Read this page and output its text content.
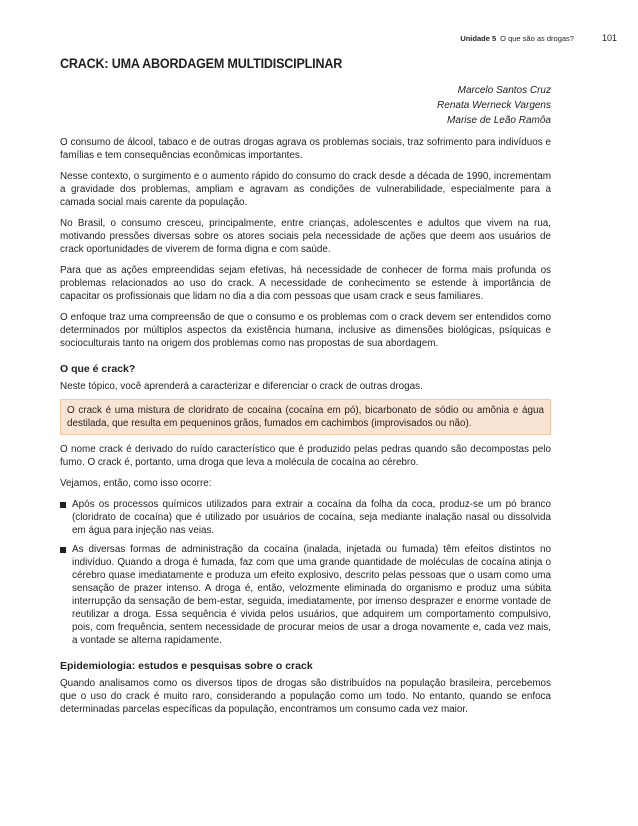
Unidade 5 O que são as drogas?	101
CRACK: UMA ABORDAGEM MULTIDISCIPLINAR
Marcelo Santos Cruz
Renata Werneck Vargens
Marise de Leão Ramôa

O consumo de álcool, tabaco e de outras drogas agrava os problemas sociais, traz sofrimento para indivíduos e famílias e tem consequências econômicas importantes.

Nesse contexto, o surgimento e o aumento rápido do consumo do crack desde a década de 1990, incrementam a gravidade dos problemas, ampliam e agravam as condições de vulnerabilidade, especialmente para a camada social mais carente da população.

No Brasil, o consumo cresceu, principalmente, entre crianças, adolescentes e adultos que vivem na rua, motivando pressões diversas sobre os atores sociais pela necessidade de ações que deem aos usuários de crack oportunidades de viverem de forma digna e com saúde.

Para que as ações empreendidas sejam efetivas, há necessidade de conhecer de forma mais profunda os problemas relacionados ao uso do crack. A necessidade de conhecimento se estende à importância de capacitar os profissionais que lidam no dia a dia com pessoas que usam crack e seus familiares.

O enfoque traz uma compreensão de que o consumo e os problemas com o crack devem ser entendidos como determinados por múltiplos aspectos da existência humana, inclusive as dimensões biológicas, psíquicas e socioculturais tanto na origem dos problemas como nas propostas de sua abordagem.

O que é crack?

Neste tópico, você aprenderá a caracterizar e diferenciar o crack de outras drogas.

O crack é uma mistura de cloridrato de cocaína (cocaína em pó), bicarbonato de sódio ou amônia e água destilada, que resulta em pequeninos grãos, fumados em cachimbos (improvisados ou não).

O nome crack é derivado do ruído característico que é produzido pelas pedras quando são decompostas pelo fumo. O crack é, portanto, uma droga que leva a molécula de cocaína ao cérebro.

Vejamos, então, como isso ocorre:

Após os processos químicos utilizados para extrair a cocaína da folha da coca, produz-se um pó branco (cloridrato de cocaína) que é utilizado por usuários de cocaína, seja mediante inalação nasal ou dissolvida em água para injeção nas veias.
As diversas formas de administração da cocaína (inalada, injetada ou fumada) têm efeitos distintos no indivíduo. Quando a droga é fumada, faz com que uma grande quantidade de moléculas de cocaína atinja o cérebro quase imediatamente e produza um efeito explosivo, descrito pelas pessoas que o usam como uma sensação de prazer intenso. A droga é, então, velozmente eliminada do organismo e produz uma súbita interrupção da sensação de bem-estar, seguida, imediatamente, por imenso desprazer e enorme vontade de reutilizar a droga. Essa sequência é vivida pelos usuários, que adquirem um comportamento compulsivo, pois, com frequência, sentem necessidade de procurar meios de usar a droga novamente e, cada vez mais, a vontade se alterna rapidamente.
Epidemiologia: estudos e pesquisas sobre o crack

Quando analisamos como os diversos tipos de drogas são distribuídos na população brasileira, percebemos que o uso do crack é muito raro, considerando a população como um todo. No entanto, quando se enfoca determinadas parcelas específicas da população, encontramos um consumo cada vez maior.
